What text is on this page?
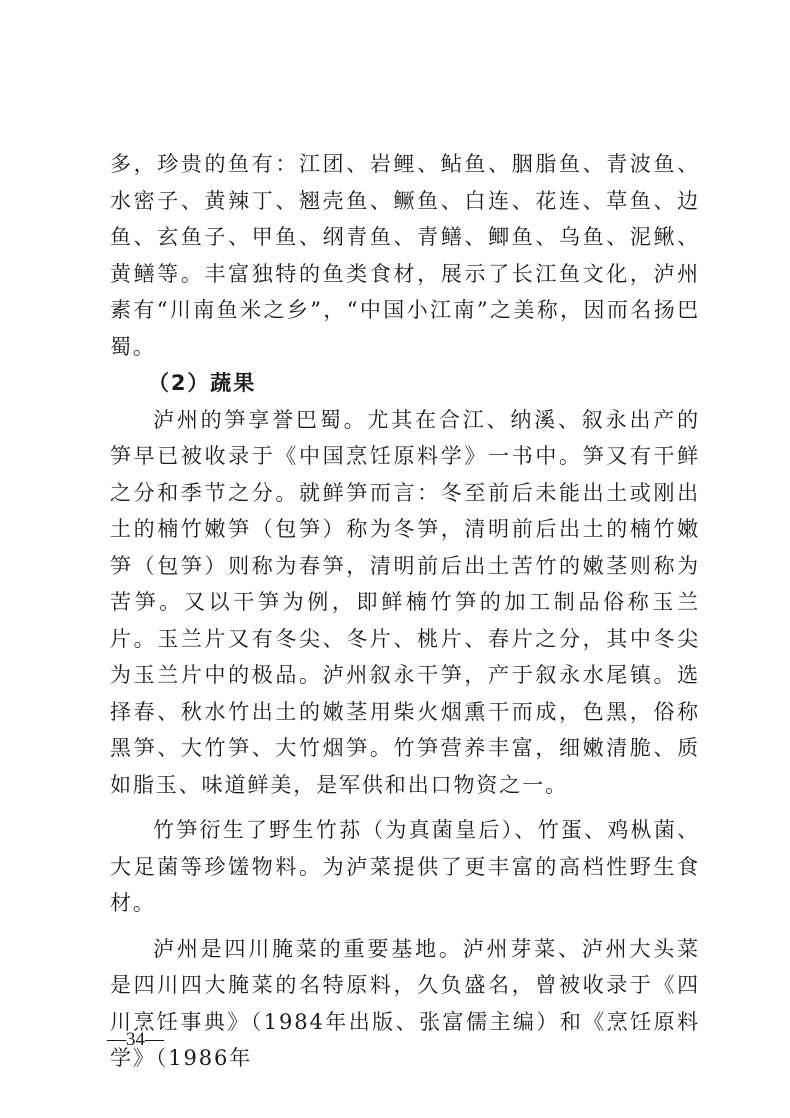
多，珍贵的鱼有：江团、岩鲤、鲇鱼、胭脂鱼、青波鱼、水密子、黄辣丁、翘壳鱼、鳜鱼、白连、花连、草鱼、边鱼、玄鱼子、甲鱼、纲青鱼、青鳝、鲫鱼、乌鱼、泥鳅、黄鳝等。丰富独特的鱼类食材，展示了长江鱼文化，泸州素有“川南鱼米之乡”，“中国小江南”之美称，因而名扬巴蜀。

（2）蔬果

泸州的笋享誉巴蜀。尤其在合江、纳溪、叙永出产的笋早已被收录于《中国烹饪原料学》一书中。笋又有干鲜之分和季节之分。就鲜笋而言：冬至前后未能出土或刚出土的楠竹嫩笋（包笋）称为冬笋，清明前后出土的楠竹嫩笋（包笋）则称为春笋，清明前后出土苦竹的嫩茎则称为苦笋。又以干笋为例，即鲜楠竹笋的加工制品俗称玉兰片。玉兰片又有冬尖、冬片、桃片、春片之分，其中冬尖为玉兰片中的极品。泸州叙永干笋，产于叙永水尾镇。选择春、秋水竹出土的嫩茎用柴火烟熏干而成，色黑，俗称黑笋、大竹笋、大竹烟笋。竹笋营养丰富，细嫩清脆、质如脂玉、味道鲜美，是军供和出口物资之一。

竹笋衍生了野生竹荪（为真菌皇后）、竹蛋、鸡枞菌、大足菌等珍馐物料。为泸菜提供了更丰富的高档性野生食材。

泸州是四川腌菜的重要基地。泸州芽菜、泸州大头菜是四川四大腌菜的名特原料，久负盛名，曾被收录于《四川烹饪事典》（1984年出版、张富儒主编）和《烹饪原料学》（1986年

—34—
